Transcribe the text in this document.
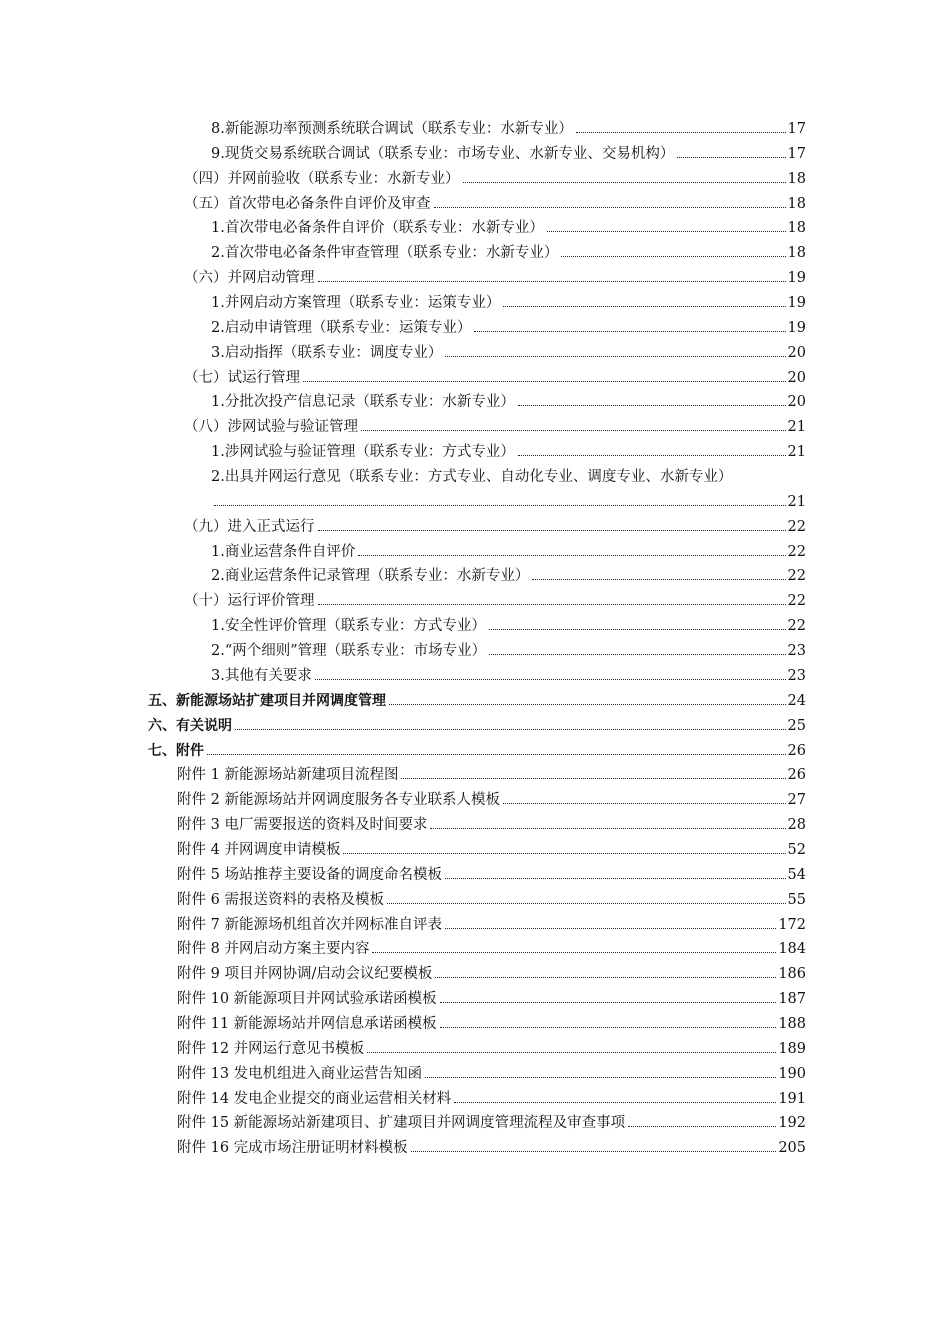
8.新能源功率预测系统联合调试（联系专业：水新专业）	17
9.现货交易系统联合调试（联系专业：市场专业、水新专业、交易机构）	17
（四）并网前验收（联系专业：水新专业）	18
（五）首次带电必备条件自评价及审查	18
1.首次带电必备条件自评价（联系专业：水新专业）	18
2.首次带电必备条件审查管理（联系专业：水新专业）	18
（六）并网启动管理	19
1.并网启动方案管理（联系专业：运策专业）	19
2.启动申请管理（联系专业：运策专业）	19
3.启动指挥（联系专业：调度专业）	20
（七）试运行管理	20
1.分批次投产信息记录（联系专业：水新专业）	20
（八）涉网试验与验证管理	21
1.涉网试验与验证管理（联系专业：方式专业）	21
2.出具并网运行意见（联系专业：方式专业、自动化专业、调度专业、水新专业）
21
（九）进入正式运行	22
1.商业运营条件自评价	22
2.商业运营条件记录管理（联系专业：水新专业）	22
（十）运行评价管理	22
1.安全性评价管理（联系专业：方式专业）	22
2.“两个细则”管理（联系专业：市场专业）	23
3.其他有关要求	23
五、新能源场站扩建项目并网调度管理	24
六、有关说明	25
七、附件	26
附件 1 新能源场站新建项目流程图	26
附件 2 新能源场站并网调度服务各专业联系人模板	27
附件 3 电厂需要报送的资料及时间要求	28
附件 4 并网调度申请模板	52
附件 5 场站推荐主要设备的调度命名模板	54
附件 6 需报送资料的表格及模板	55
附件 7 新能源场机组首次并网标准自评表	172
附件 8 并网启动方案主要内容	184
附件 9 项目并网协调/启动会议纪要模板	186
附件 10 新能源项目并网试验承诺函模板	187
附件 11 新能源场站并网信息承诺函模板	188
附件 12 并网运行意见书模板	189
附件 13 发电机组进入商业运营告知函	190
附件 14 发电企业提交的商业运营相关材料	191
附件 15 新能源场站新建项目、扩建项目并网调度管理流程及审查事项	192
附件 16 完成市场注册证明材料模板	205
